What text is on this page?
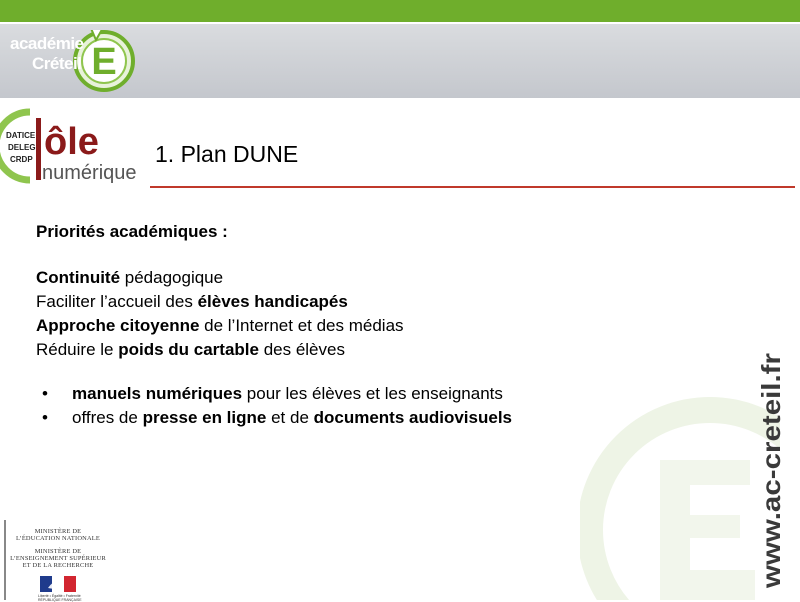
E
académie
Créteil
DATICE
DELEG
CRDP ôle
numérique
1. Plan DUNE
Priorités académiques :
Continuité pédagogique
Faciliter l’accueil des élèves handicapés
Approche citoyenne de l’Internet et des médias
Réduire le poids du cartable des élèves
• manuels numériques pour les élèves et les enseignants
• offres de presse en ligne et de documents audiovisuels	www.ac-creteil.fr
MINISTÈRE DE
L’ÉDUCATION NATIONALE
MINISTÈRE DE
L’ENSEIGNEMENT SUPÉRIEUR
ET DE LA RECHERCHE
Liberté • Égalité • Fraternité
RÉPUBLIQUE FRANÇAISE
